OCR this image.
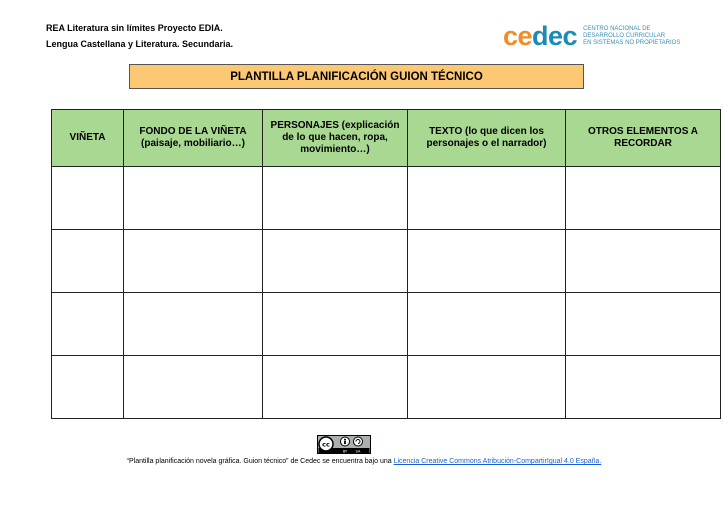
REA Literatura sin límites Proyecto EDIA.
Lengua Castellana y Literatura. Secundaria.	cedec CENTRO NACIONAL DE
DESARROLLO CURRICULAR
EN SISTEMAS NO PROPIETARIOS
PLANTILLA PLANIFICACIÓN GUION TÉCNICO
VIÑETA	FONDO DE LA VIÑETA (paisaje, mobiliario…)	PERSONAJES (explicación de lo que hacen, ropa, movimiento…)	TEXTO (lo que dicen los personajes o el narrador)	OTROS ELEMENTOS A RECORDAR

cc
BY SA
“Plantilla planificación novela gráfica. Guion técnico” de Cedec se encuentra bajo una Licencia Creative Commons Atribución-CompartirIgual 4.0 España.
